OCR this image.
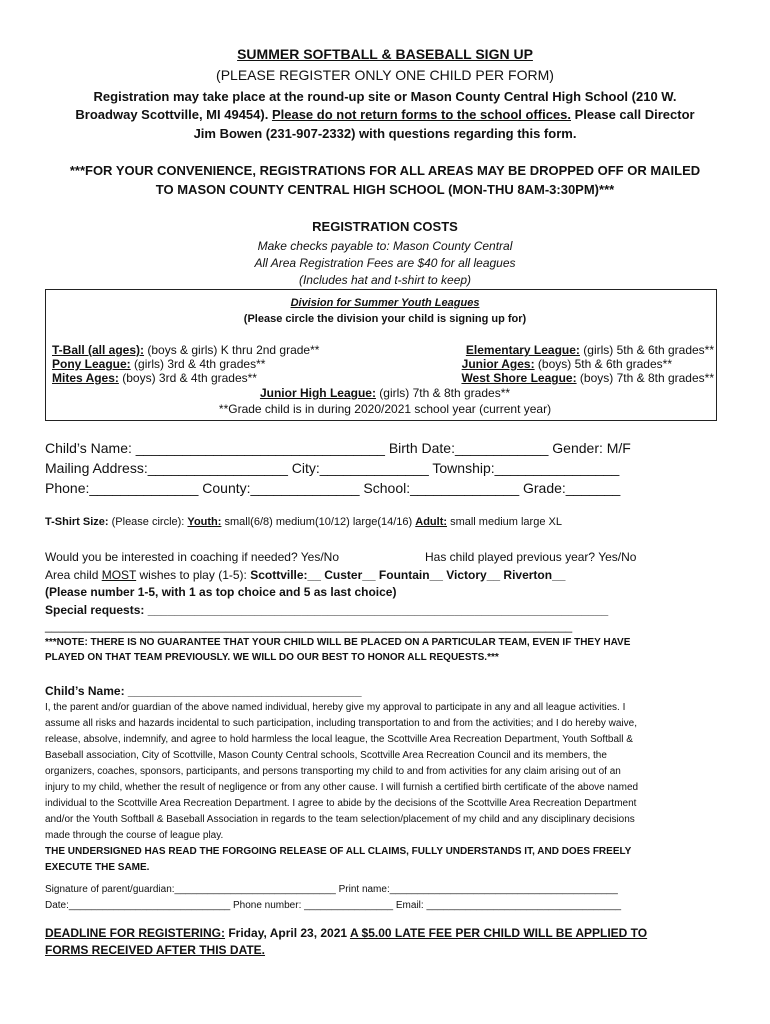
SUMMER SOFTBALL & BASEBALL SIGN UP
(PLEASE REGISTER ONLY ONE CHILD PER FORM)
Registration may take place at the round-up site or Mason County Central High School (210 W.
Broadway Scottville, MI 49454). Please do not return forms to the school offices. Please call Director
Jim Bowen (231-907-2332) with questions regarding this form.
***FOR YOUR CONVENIENCE, REGISTRATIONS FOR ALL AREAS MAY BE DROPPED OFF OR MAILED
TO MASON COUNTY CENTRAL HIGH SCHOOL (MON-THU 8AM-3:30PM)***
REGISTRATION COSTS
Make checks payable to: Mason County Central
All Area Registration Fees are $40 for all leagues
(Includes hat and t-shirt to keep)
Division for Summer Youth Leagues
(Please circle the division your child is signing up for)
T-Ball (all ages): (boys & girls) K thru 2nd grade**
Pony League: (girls) 3rd & 4th grades**
Mites Ages: (boys) 3rd & 4th grades**
Elementary League: (girls) 5th & 6th grades**
Junior Ages: (boys) 5th & 6th grades**
West Shore League: (boys) 7th & 8th grades**
Junior High League: (girls) 7th & 8th grades**
**Grade child is in during 2020/2021 school year (current year)
Child’s Name: ________________________________ Birth Date:____________ Gender: M/F
Mailing Address:__________________ City:______________ Township:________________
Phone:______________ County:______________ School:______________ Grade:_______
T-Shirt Size: (Please circle): Youth: small(6/8) medium(10/12) large(14/16) Adult: small medium large XL
Would you be interested in coaching if needed? Yes/No	Has child played previous year? Yes/No
Area child MOST wishes to play (1-5): Scottville:__ Custer__ Fountain__ Victory__ Riverton__
(Please number 1-5, with 1 as top choice and 5 as last choice)
Special requests: _____________________________________________________________________
_______________________________________________________________________________
***NOTE: THERE IS NO GUARANTEE THAT YOUR CHILD WILL BE PLACED ON A PARTICULAR TEAM, EVEN IF THEY HAVE
PLAYED ON THAT TEAM PREVIOUSLY. WE WILL DO OUR BEST TO HONOR ALL REQUESTS.***
Child’s Name: ___________________________________
I, the parent and/or guardian of the above named individual, hereby give my approval to participate in any and all league activities. I
assume all risks and hazards incidental to such participation, including transportation to and from the activities; and I do hereby waive,
release, absolve, indemnify, and agree to hold harmless the local league, the Scottville Area Recreation Department, Youth Softball &
Baseball association, City of Scottville, Mason County Central schools, Scottville Area Recreation Council and its members, the
organizers, coaches, sponsors, participants, and persons transporting my child to and from activities for any claim arising out of an
injury to my child, whether the result of negligence or from any other cause. I will furnish a certified birth certificate of the above named
individual to the Scottville Area Recreation Department. I agree to abide by the decisions of the Scottville Area Recreation Department
and/or the Youth Softball & Baseball Association in regards to the team selection/placement of my child and any disciplinary decisions
made through the course of league play.
THE UNDERSIGNED HAS READ THE FORGOING RELEASE OF ALL CLAIMS, FULLY UNDERSTANDS IT, AND DOES FREELY
EXECUTE THE SAME.
Signature of parent/guardian:_____________________________ Print name:_________________________________________
Date:_____________________________ Phone number: ________________ Email: ___________________________________
DEADLINE FOR REGISTERING: Friday, April 23, 2021 A $5.00 LATE FEE PER CHILD WILL BE APPLIED TO
FORMS RECEIVED AFTER THIS DATE.
